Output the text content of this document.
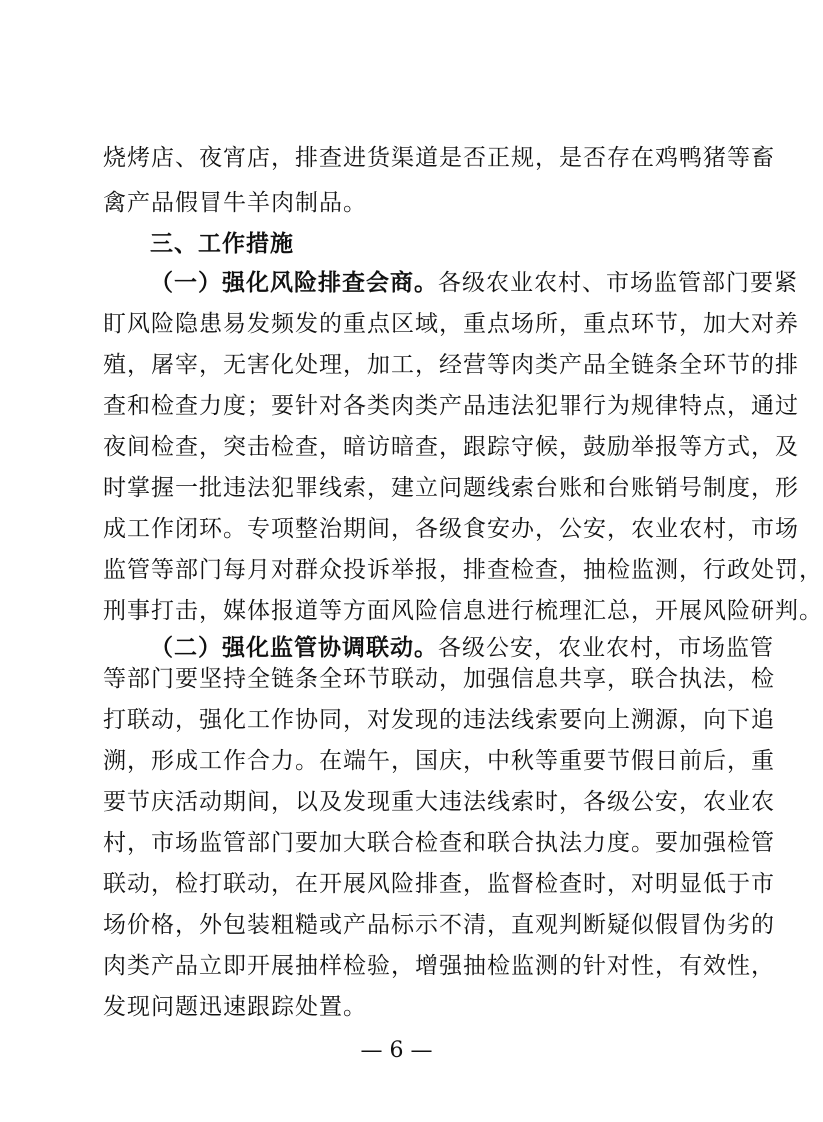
烧烤店、夜宵店，排查进货渠道是否正规，是否存在鸡鸭猪等畜
禽产品假冒牛羊肉制品。
三、工作措施
（一）强化风险排查会商。各级农业农村、市场监管部门要紧
盯风险隐患易发频发的重点区域，重点场所，重点环节，加大对养
殖，屠宰，无害化处理，加工，经营等肉类产品全链条全环节的排
查和检查力度；要针对各类肉类产品违法犯罪行为规律特点，通过
夜间检查，突击检查，暗访暗查，跟踪守候，鼓励举报等方式，及
时掌握一批违法犯罪线索，建立问题线索台账和台账销号制度，形
成工作闭环。专项整治期间，各级食安办，公安，农业农村，市场
监管等部门每月对群众投诉举报，排查检查，抽检监测，行政处罚，
刑事打击，媒体报道等方面风险信息进行梳理汇总，开展风险研判。
（二）强化监管协调联动。各级公安，农业农村，市场监管
等部门要坚持全链条全环节联动，加强信息共享，联合执法，检
打联动，强化工作协同，对发现的违法线索要向上溯源，向下追
溯，形成工作合力。在端午，国庆，中秋等重要节假日前后，重
要节庆活动期间，以及发现重大违法线索时，各级公安，农业农
村，市场监管部门要加大联合检查和联合执法力度。要加强检管
联动，检打联动，在开展风险排查，监督检查时，对明显低于市
场价格，外包装粗糙或产品标示不清，直观判断疑似假冒伪劣的
肉类产品立即开展抽样检验，增强抽检监测的针对性，有效性，
发现问题迅速跟踪处置。
— 6 —
